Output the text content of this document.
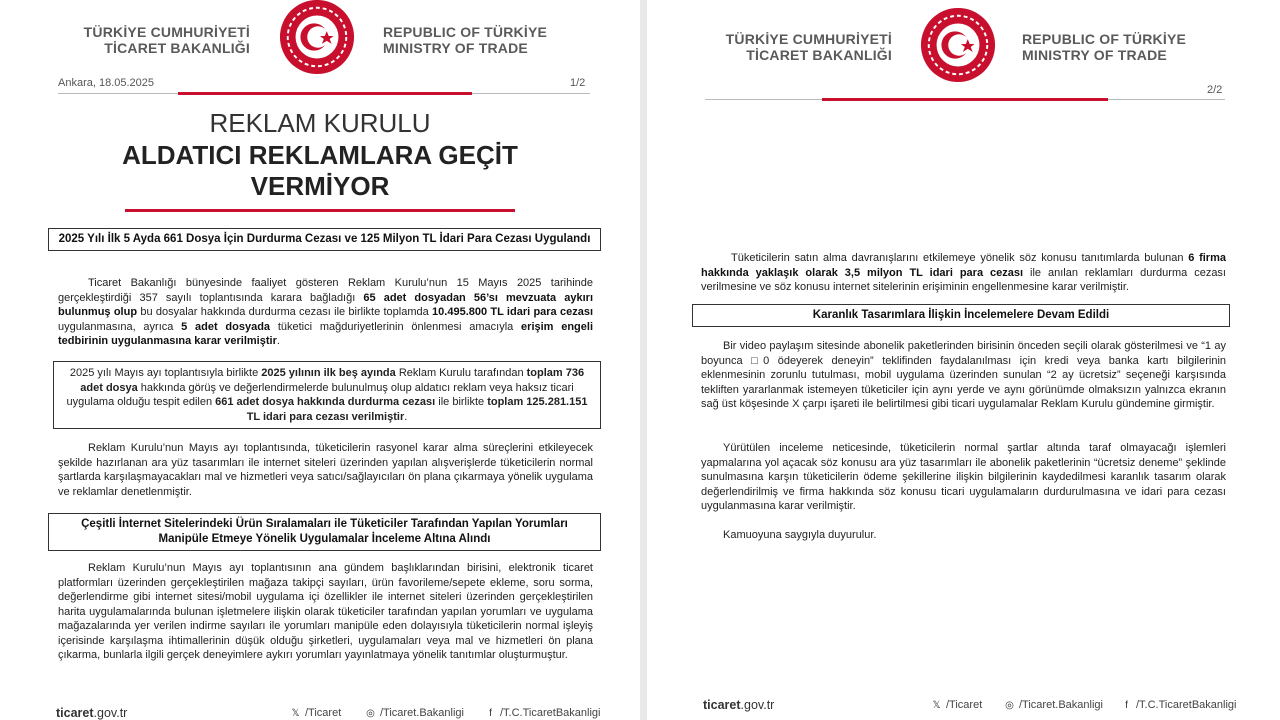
TÜRKİYE CUMHURİYETİ
TİCARET BAKANLIĞI
REPUBLIC OF TÜRKİYE
MINISTRY OF TRADE
Ankara, 18.05.2025	1/2
REKLAM KURULU
ALDATICI REKLAMLARA GEÇİT VERMİYOR
2025 Yılı İlk 5 Ayda 661 Dosya İçin Durdurma Cezası ve 125 Milyon TL İdari Para Cezası Uygulandı
Ticaret Bakanlığı bünyesinde faaliyet gösteren Reklam Kurulu’nun 15 Mayıs 2025 tarihinde gerçekleştirdiği 357 sayılı toplantısında karara bağladığı 65 adet dosyadan 56’sı mevzuata aykırı bulunmuş olup bu dosyalar hakkında durdurma cezası ile birlikte toplamda 10.495.800 TL idari para cezası uygulanmasına, ayrıca 5 adet dosyada tüketici mağduriyetlerinin önlenmesi amacıyla erişim engeli tedbirinin uygulanmasına karar verilmiştir.
2025 yılı Mayıs ayı toplantısıyla birlikte 2025 yılının ilk beş ayında Reklam Kurulu tarafından toplam 736 adet dosya hakkında görüş ve değerlendirmelerde bulunulmuş olup aldatıcı reklam veya haksız ticari uygulama olduğu tespit edilen 661 adet dosya hakkında durdurma cezası ile birlikte toplam 125.281.151 TL idari para cezası verilmiştir.
Reklam Kurulu’nun Mayıs ayı toplantısında, tüketicilerin rasyonel karar alma süreçlerini etkileyecek şekilde hazırlanan ara yüz tasarımları ile internet siteleri üzerinden yapılan alışverişlerde tüketicilerin normal şartlarda karşılaşmayacakları mal ve hizmetleri veya satıcı/sağlayıcıları ön plana çıkarmaya yönelik uygulama ve reklamlar denetlenmiştir.
Çeşitli İnternet Sitelerindeki Ürün Sıralamaları ile Tüketiciler Tarafından Yapılan Yorumları Manipüle Etmeye Yönelik Uygulamalar İnceleme Altına Alındı
Reklam Kurulu’nun Mayıs ayı toplantısının ana gündem başlıklarından birisini, elektronik ticaret platformları üzerinden gerçekleştirilen mağaza takipçi sayıları, ürün favorileme/sepete ekleme, soru sorma, değerlendirme gibi internet sitesi/mobil uygulama içi özellikler ile internet siteleri üzerinden gerçekleştirilen harita uygulamalarında bulunan işletmelere ilişkin olarak tüketiciler tarafından yapılan yorumları ve uygulama mağazalarında yer verilen indirme sayıları ile yorumları manipüle eden dolayısıyla tüketicilerin normal işleyiş içerisinde karşılaşma ihtimallerinin düşük olduğu şirketleri, uygulamaları veya mal ve hizmetleri ön plana çıkarma, bunlarla ilgili gerçek deneyimlere aykırı yorumları yayınlatmaya yönelik tanıtımlar oluşturmuştur.
ticaret.gov.tr	𝕏 /Ticaret ◎ /Ticaret.Bakanligi	f /T.C.TicaretBakanligi
TÜRKİYE CUMHURİYETİ
TİCARET BAKANLIĞI
REPUBLIC OF TÜRKİYE
MINISTRY OF TRADE
2/2
Tüketicilerin satın alma davranışlarını etkilemeye yönelik söz konusu tanıtımlarda bulunan 6 firma hakkında yaklaşık olarak 3,5 milyon TL idari para cezası ile anılan reklamları durdurma cezası verilmesine ve söz konusu internet sitelerinin erişiminin engellenmesine karar verilmiştir.
Karanlık Tasarımlara İlişkin İncelemelere Devam Edildi
Bir video paylaşım sitesinde abonelik paketlerinden birisinin önceden seçili olarak gösterilmesi ve “1 ay boyunca □0 ödeyerek deneyin” teklifinden faydalanılması için kredi veya banka kartı bilgilerinin eklenmesinin zorunlu tutulması, mobil uygulama üzerinden sunulan “2 ay ücretsiz” seçeneği karşısında tekliften yararlanmak istemeyen tüketiciler için aynı yerde ve aynı görünümde olmaksızın yalnızca ekranın sağ üst köşesinde X çarpı işareti ile belirtilmesi gibi ticari uygulamalar Reklam Kurulu gündemine girmiştir.
Yürütülen inceleme neticesinde, tüketicilerin normal şartlar altında taraf olmayacağı işlemleri yapmalarına yol açacak söz konusu ara yüz tasarımları ile abonelik paketlerinin “ücretsiz deneme” şeklinde sunulmasına karşın tüketicilerin ödeme şekillerine ilişkin bilgilerinin kaydedilmesi karanlık tasarım olarak değerlendirilmiş ve firma hakkında söz konusu ticari uygulamaların durdurulmasına ve idari para cezası uygulanmasına karar verilmiştir.
Kamuoyuna saygıyla duyurulur.
ticaret.gov.tr	𝕏 /Ticaret ◎ /Ticaret.Bakanligi	f /T.C.TicaretBakanligi
